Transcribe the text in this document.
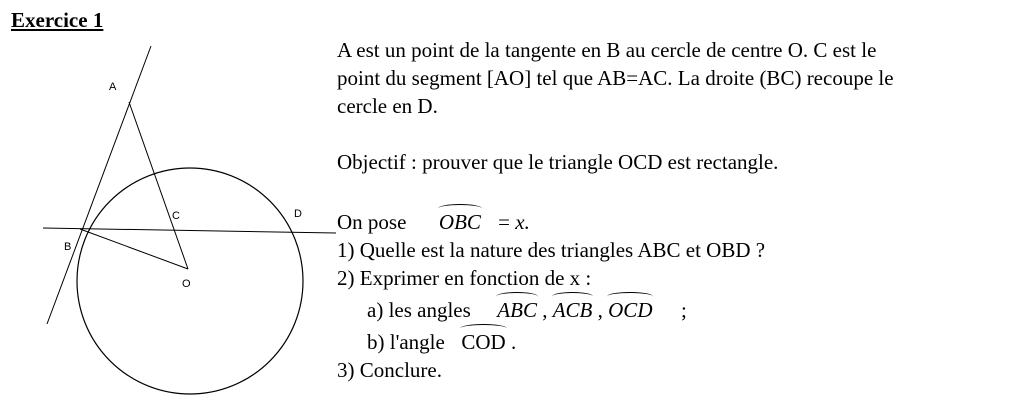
Exercice 1
A
B
C	D
O

A est un point de la tangente en B au cercle de centre O. C est le

point du segment [AO] tel que AB=AC. La droite (BC) recoupe le

cercle en D.

Objectif : prouver que le triangle OCD est rectangle.

On pose OBC = x.

1) Quelle est la nature des triangles ABC et OBD ?

2) Exprimer en fonction de x :

a) les angles ABC , ACB , OCD ;

b) l'angle COD .

3) Conclure.
